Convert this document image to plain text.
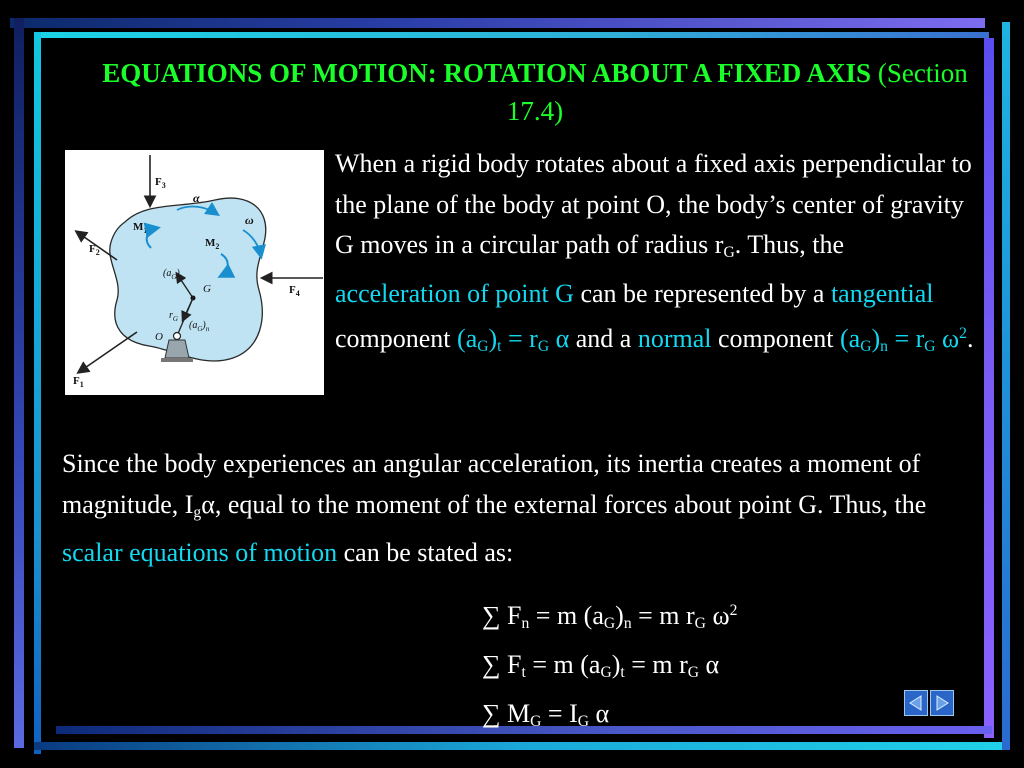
EQUATIONS OF MOTION: ROTATION ABOUT A FIXED AXIS (Section 17.4)
$F_3$
$F_4$
$F_2$
$F_1$
$M_1$
$M_2$
α
ω
$(a_G)_t$
G
$r_G$
$(a_G)_n$
O
When a rigid body rotates about a fixed axis perpendicular to the plane of the body at point O, the body’s center of gravity G moves in a circular path of radius $r_G$. Thus, the acceleration of point G can be represented by a tangential component $(a_G)_t = r_G$ α and a normal component $(a_G)_n = r_G$ $\omega^2$.
Since the body experiences an angular acceleration, its inertia creates a moment of magnitude, $I_g\alpha$, equal to the moment of the external forces about point G. Thus, the scalar equations of motion can be stated as:
∑ $F_n = m$ $(a_G)_n = m$ $r_G$ $\omega^2$
∑ $F_t = m$ $(a_G)_t = m$ $r_G$ α
∑ $M_G = I_G$ α
